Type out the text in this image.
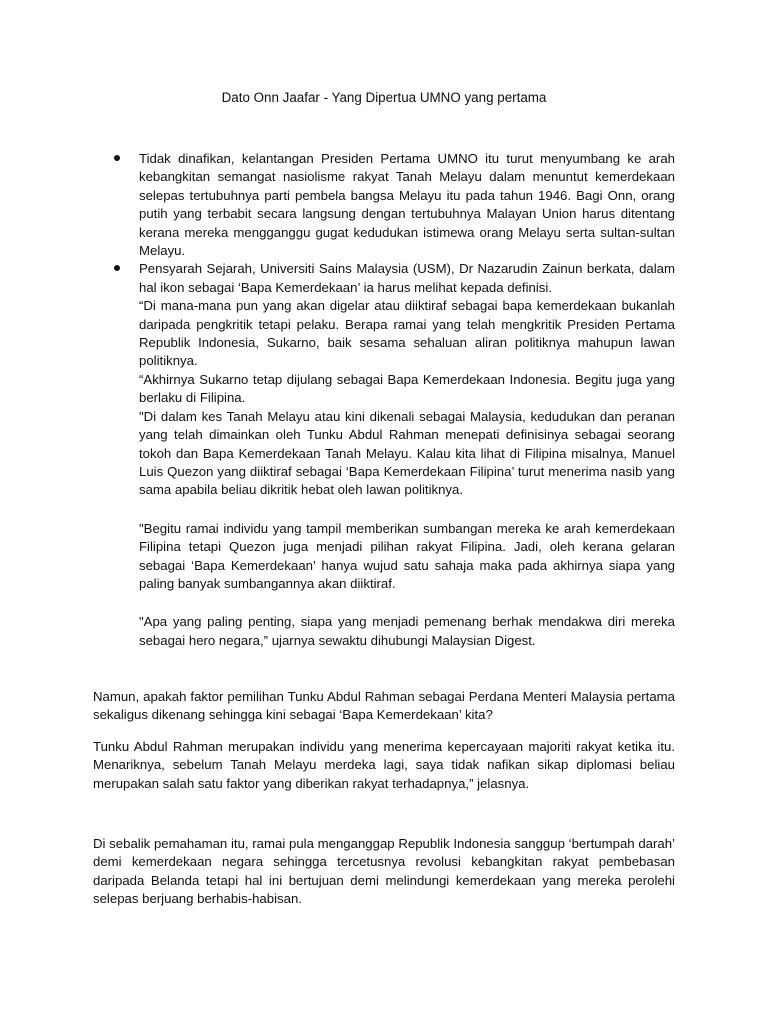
Dato Onn Jaafar - Yang Dipertua UMNO yang pertama

Tidak dinafikan, kelantangan Presiden Pertama UMNO itu turut menyumbang ke arah kebangkitan semangat nasiolisme rakyat Tanah Melayu dalam menuntut kemerdekaan selepas tertubuhnya parti pembela bangsa Melayu itu pada tahun 1946. Bagi Onn, orang putih yang terbabit secara langsung dengan tertubuhnya Malayan Union harus ditentang kerana mereka mengganggu gugat kedudukan istimewa orang Melayu serta sultan-sultan Melayu.

Pensyarah Sejarah, Universiti Sains Malaysia (USM), Dr Nazarudin Zainun berkata, dalam hal ikon sebagai ‘Bapa Kemerdekaan’ ia harus melihat kepada definisi.

“Di mana-mana pun yang akan digelar atau diiktiraf sebagai bapa kemerdekaan bukanlah daripada pengkritik tetapi pelaku. Berapa ramai yang telah mengkritik Presiden Pertama Republik Indonesia, Sukarno, baik sesama sehaluan aliran politiknya mahupun lawan politiknya.

“Akhirnya Sukarno tetap dijulang sebagai Bapa Kemerdekaan Indonesia. Begitu juga yang berlaku di Filipina.

"Di dalam kes Tanah Melayu atau kini dikenali sebagai Malaysia, kedudukan dan peranan yang telah dimainkan oleh Tunku Abdul Rahman menepati definisinya sebagai seorang tokoh dan Bapa Kemerdekaan Tanah Melayu. Kalau kita lihat di Filipina misalnya, Manuel Luis Quezon yang diiktiraf sebagai ‘Bapa Kemerdekaan Filipina’ turut menerima nasib yang sama apabila beliau dikritik hebat oleh lawan politiknya.

"Begitu ramai individu yang tampil memberikan sumbangan mereka ke arah kemerdekaan Filipina tetapi Quezon juga menjadi pilihan rakyat Filipina. Jadi, oleh kerana gelaran sebagai ‘Bapa Kemerdekaan’ hanya wujud satu sahaja maka pada akhirnya siapa yang paling banyak sumbangannya akan diiktiraf.

"Apa yang paling penting, siapa yang menjadi pemenang berhak mendakwa diri mereka sebagai hero negara,” ujarnya sewaktu dihubungi Malaysian Digest.

Namun, apakah faktor pemilihan Tunku Abdul Rahman sebagai Perdana Menteri Malaysia pertama sekaligus dikenang sehingga kini sebagai ‘Bapa Kemerdekaan’ kita?

Tunku Abdul Rahman merupakan individu yang menerima kepercayaan majoriti rakyat ketika itu. Menariknya, sebelum Tanah Melayu merdeka lagi, saya tidak nafikan sikap diplomasi beliau merupakan salah satu faktor yang diberikan rakyat terhadapnya,” jelasnya.

Di sebalik pemahaman itu, ramai pula menganggap Republik Indonesia sanggup ‘bertumpah darah’ demi kemerdekaan negara sehingga tercetusnya revolusi kebangkitan rakyat pembebasan daripada Belanda tetapi hal ini bertujuan demi melindungi kemerdekaan yang mereka perolehi selepas berjuang berhabis-habisan.
